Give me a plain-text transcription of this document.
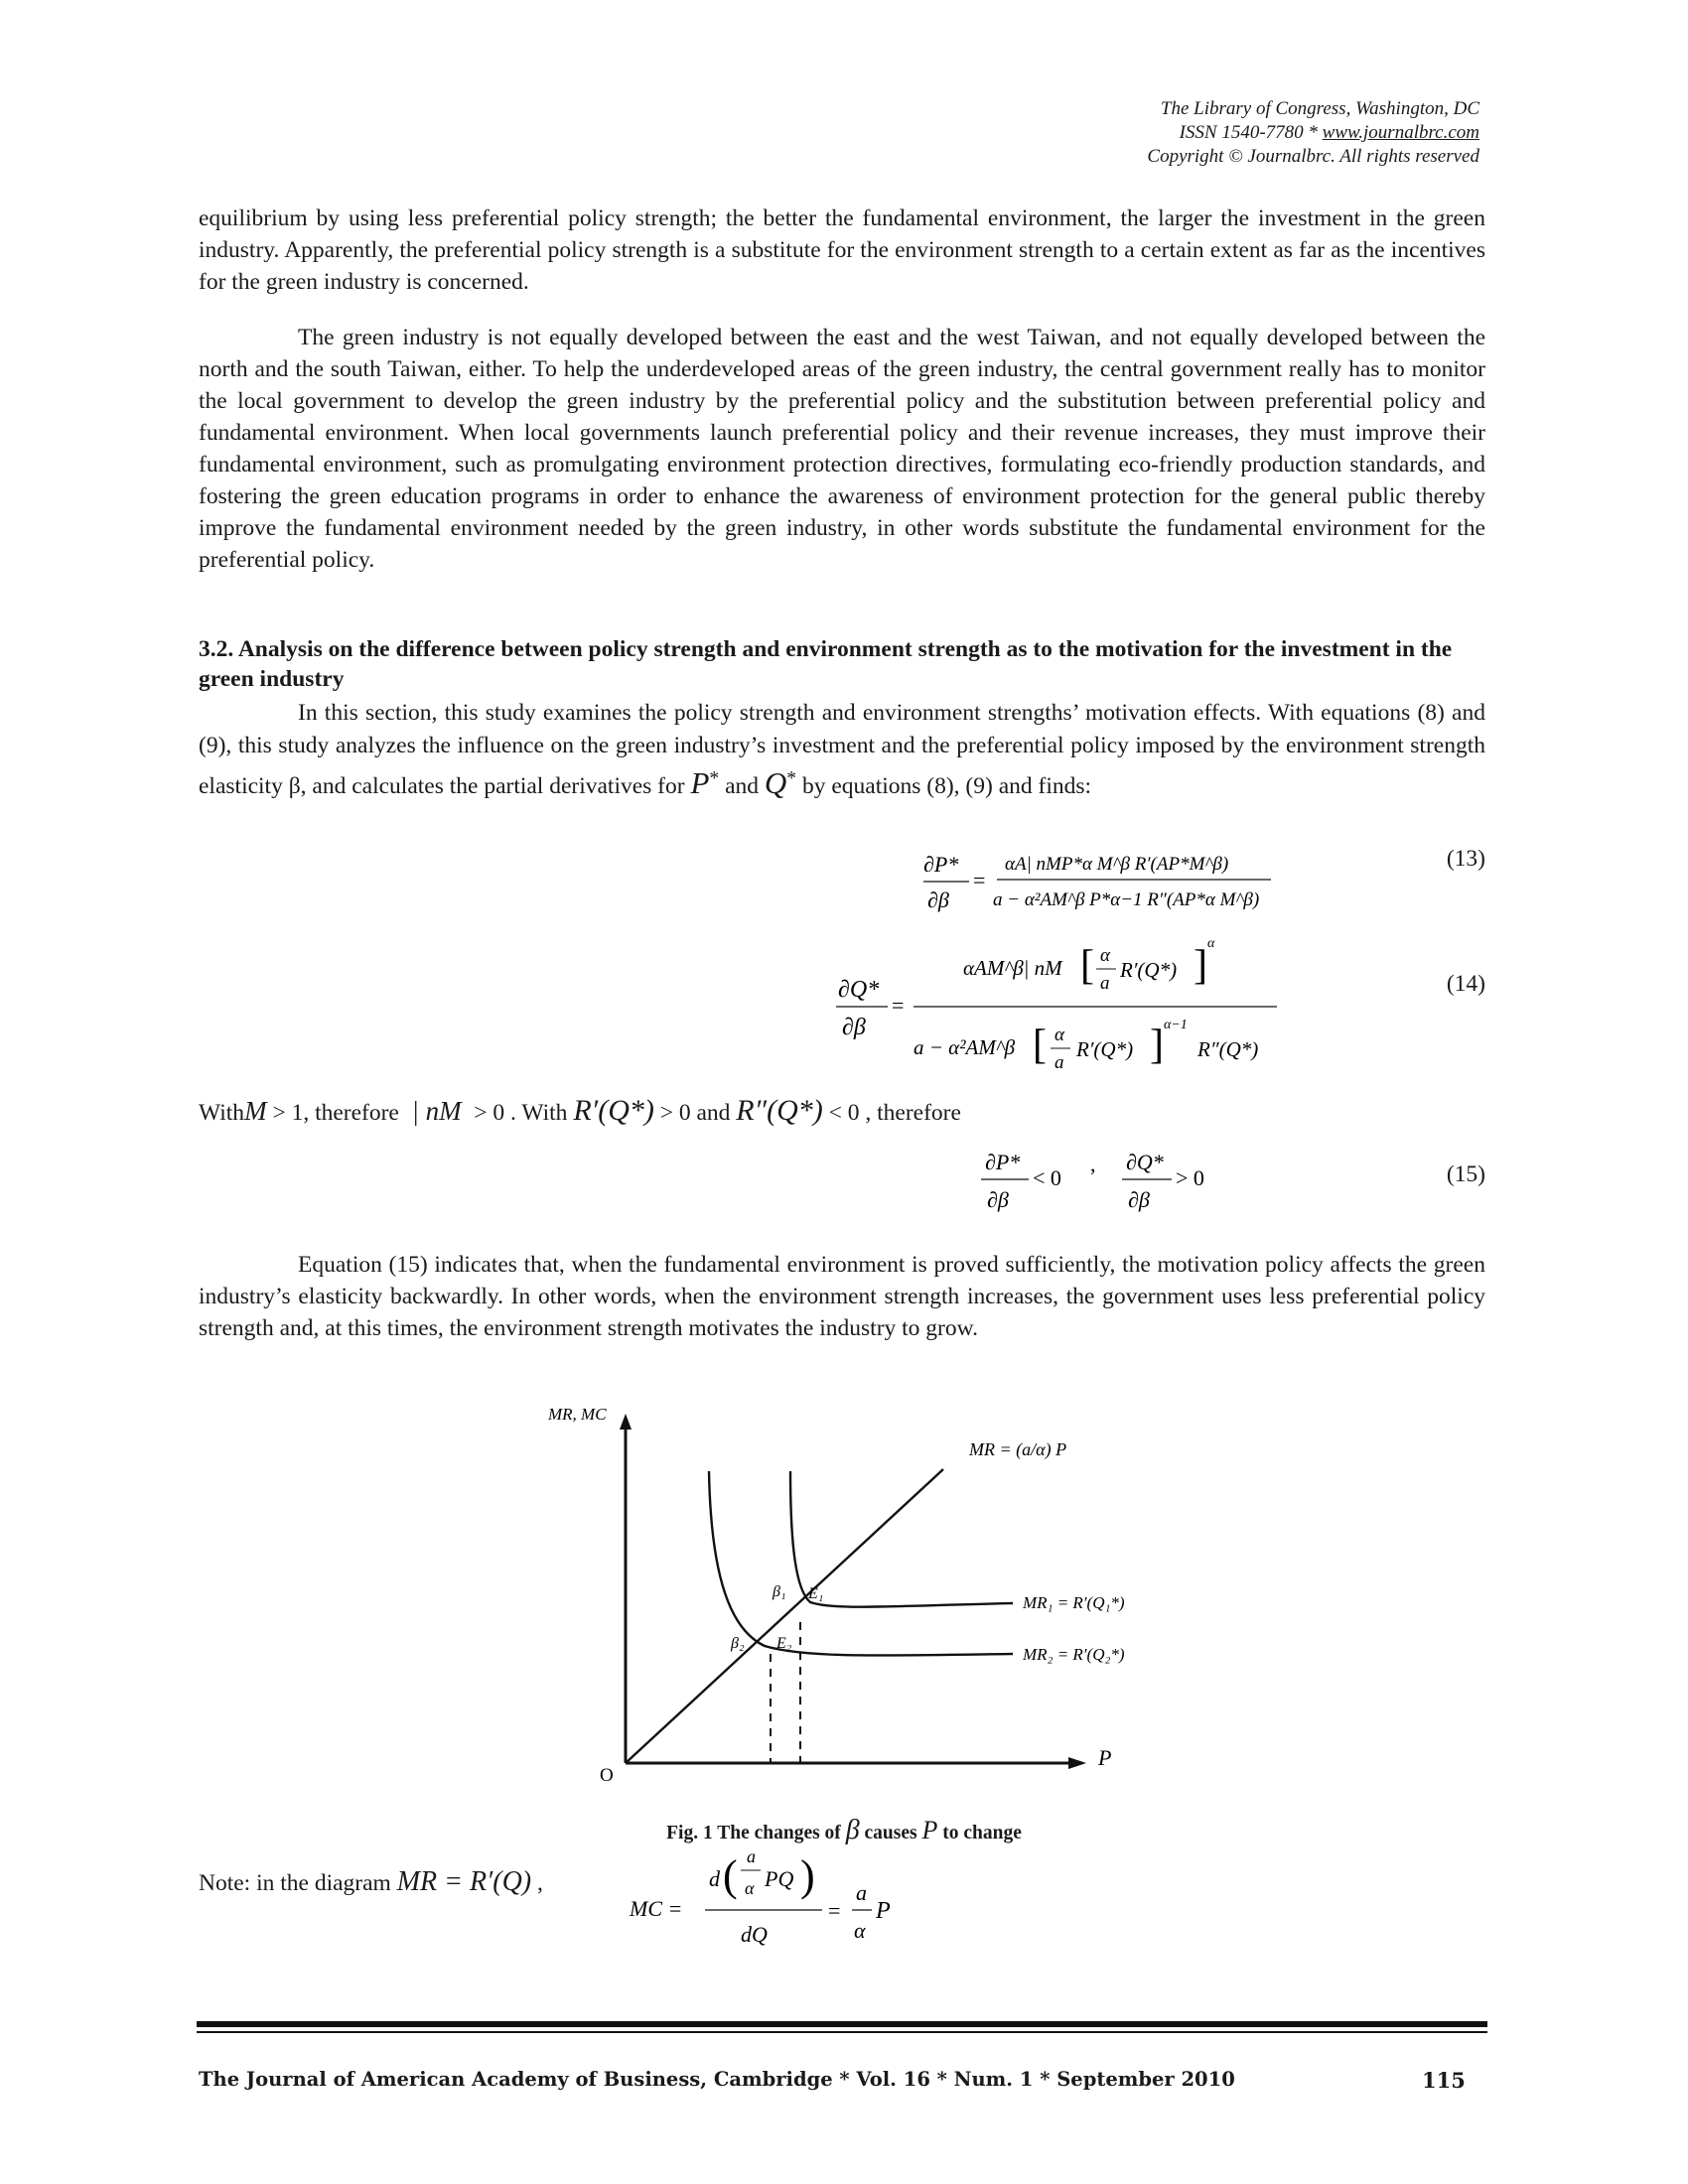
The Library of Congress, Washington, DC
ISSN 1540-7780 * www.journalbrc.com
Copyright © Journalbrc. All rights reserved

equilibrium by using less preferential policy strength; the better the fundamental environment, the larger the investment in the green industry. Apparently, the preferential policy strength is a substitute for the environment strength to a certain extent as far as the incentives for the green industry is concerned.

The green industry is not equally developed between the east and the west Taiwan, and not equally developed between the north and the south Taiwan, either. To help the underdeveloped areas of the green industry, the central government really has to monitor the local government to develop the green industry by the preferential policy and the substitution between preferential policy and fundamental environment. When local governments launch preferential policy and their revenue increases, they must improve their fundamental environment, such as promulgating environment protection directives, formulating eco-friendly production standards, and fostering the green education programs in order to enhance the awareness of environment protection for the general public thereby improve the fundamental environment needed by the green industry, in other words substitute the fundamental environment for the preferential policy.

3.2. Analysis on the difference between policy strength and environment strength as to the motivation for the investment in the green industry

In this section, this study examines the policy strength and environment strengths’ motivation effects. With equations (8) and (9), this study analyzes the influence on the green industry’s investment and the preferential policy imposed by the environment strength elasticity β, and calculates the partial derivatives for P* and Q* by equations (8), (9) and finds:

∂P*
∂β
=
αA| nMP*α M^β R′(AP*M^β)
a − α²AM^β P*α−1 R″(AP*α M^β)
(13)
∂Q*
∂β
=
αAM^β| nM [ α
a
R′(Q*) ] α
a − α²AM^β [ α
a
R′(Q*) ] α−1
R″(Q*)
(14)
WithM > 1, therefore  | nM  > 0 . With R′(Q*) > 0 and R″(Q*) < 0 , therefore
∂P*
∂β
< 0
, ∂Q*
∂β
> 0	(15)

Equation (15) indicates that, when the fundamental environment is proved sufficiently, the motivation policy affects the green industry’s elasticity backwardly. In other words, when the environment strength increases, the government uses less preferential policy strength and, at this times, the environment strength motivates the industry to grow.

MR, MC
P
O
MR = (a/α) P
MR₁ = R′(Q₁*)
MR₂ = R′(Q₂*)
β₁ E₁
β₂ E₂
Fig. 1 The changes of β causes P to change
Note: in the diagram MR = R′(Q) ,
MC =
d ( a
α PQ )
dQ
=
a
α
P
The Journal of American Academy of Business, Cambridge * Vol. 16 * Num. 1 * September 2010	115
